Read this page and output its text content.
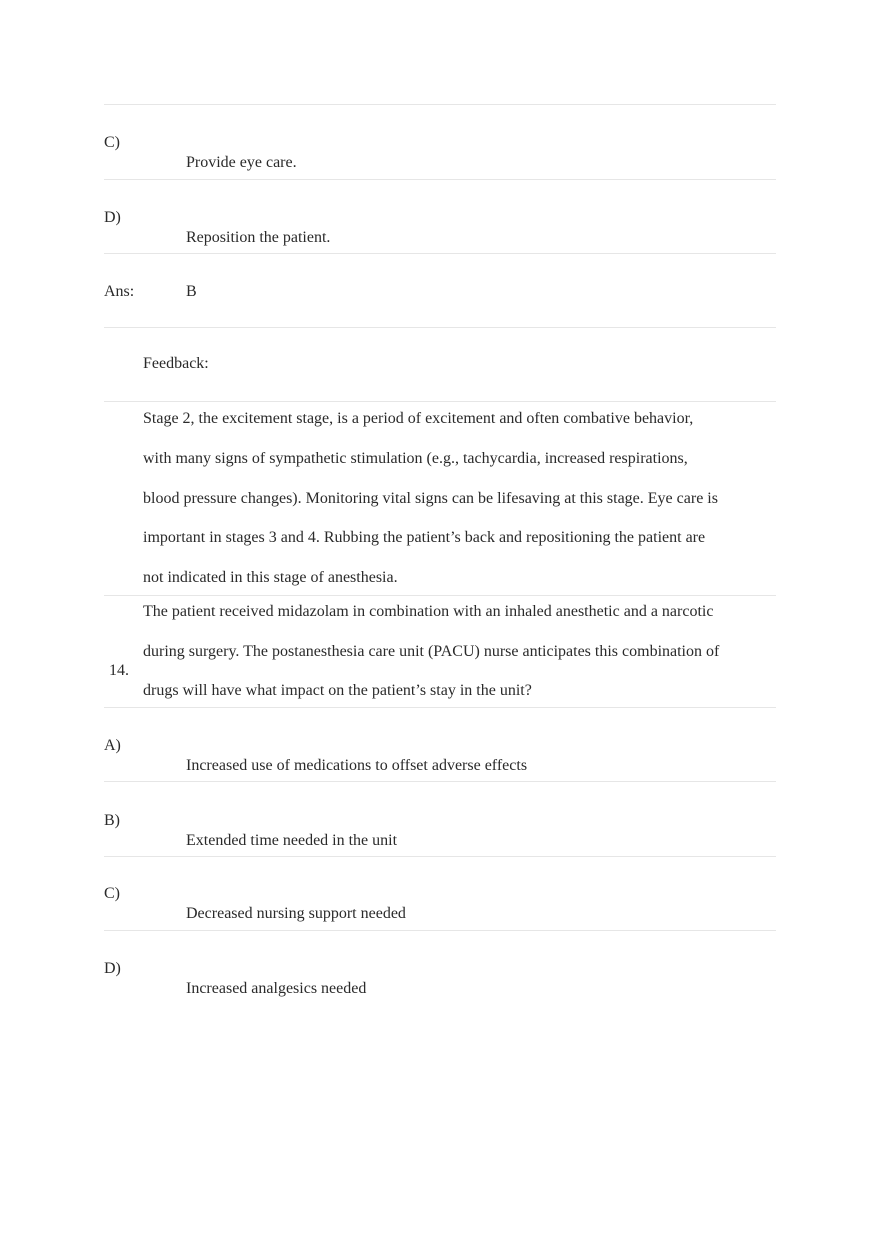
C)
Provide eye care.
D)
Reposition the patient.
Ans:	B
Feedback:
Stage 2, the excitement stage, is a period of excitement and often combative behavior,
with many signs of sympathetic stimulation (e.g., tachycardia, increased respirations,
blood pressure changes). Monitoring vital signs can be lifesaving at this stage. Eye care is
important in stages 3 and 4. Rubbing the patient’s back and repositioning the patient are
not indicated in this stage of anesthesia.
14.
The patient received midazolam in combination with an inhaled anesthetic and a narcotic
during surgery. The postanesthesia care unit (PACU) nurse anticipates this combination of
drugs will have what impact on the patient’s stay in the unit?
A)
Increased use of medications to offset adverse effects
B)
Extended time needed in the unit
C)
Decreased nursing support needed
D)
Increased analgesics needed
